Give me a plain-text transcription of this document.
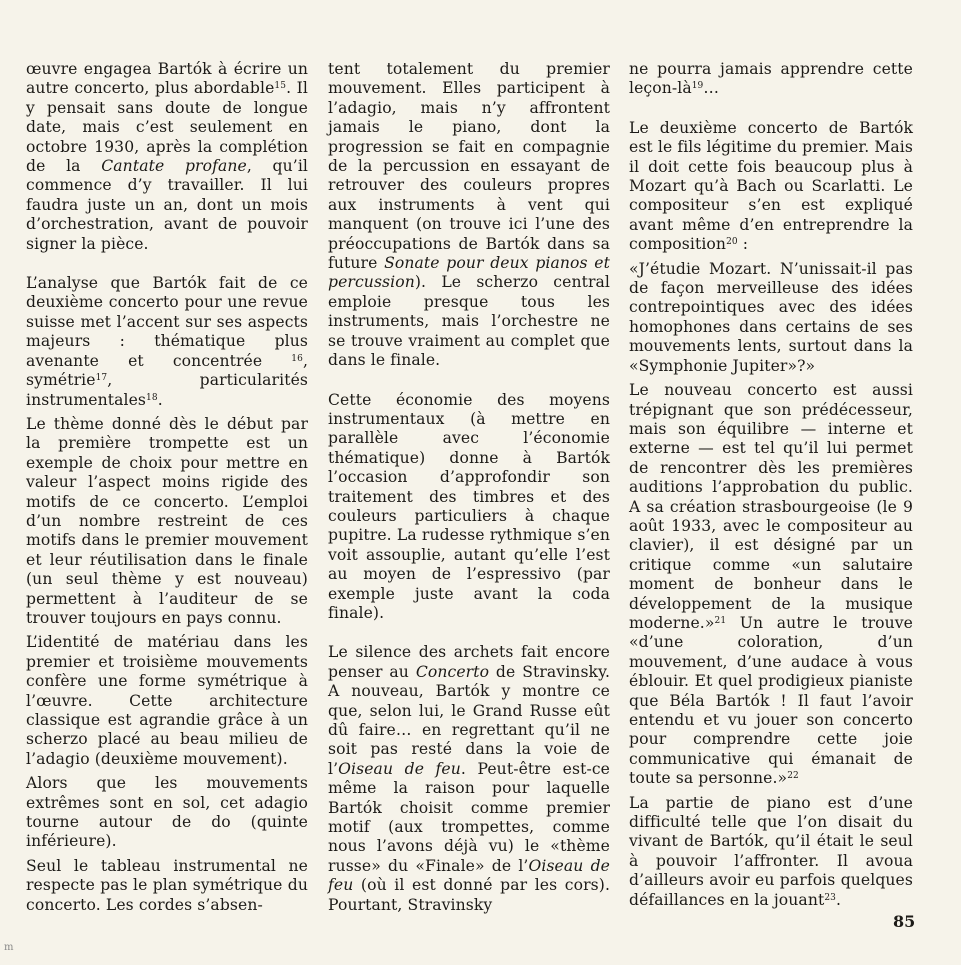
œuvre engagea Bartók à écrire un autre concerto, plus abordable$^{15}$. Il y pensait sans doute de longue date, mais c’est seulement en octobre 1930, après la complétion de la Cantate profane, qu’il commence d’y travailler. Il lui faudra juste un an, dont un mois d’orchestration, avant de pouvoir signer la pièce.

L’analyse que Bartók fait de ce deuxième concerto pour une revue suisse met l’accent sur ses aspects majeurs : thématique plus avenante et concentrée $^{16}$, symétrie$^{17}$, particularités instrumentales$^{18}$.

Le thème donné dès le début par la première trompette est un exemple de choix pour mettre en valeur l’aspect moins rigide des motifs de ce concerto. L’emploi d’un nombre restreint de ces motifs dans le premier mouvement et leur réutilisation dans le finale (un seul thème y est nouveau) permettent à l’auditeur de se trouver toujours en pays connu.

L’identité de matériau dans les premier et troisième mouvements confère une forme symétrique à l’œuvre. Cette architecture classique est agrandie grâce à un scherzo placé au beau milieu de l’adagio (deuxième mouvement).

Alors que les mouvements extrêmes sont en sol, cet adagio tourne autour de do (quinte inférieure).

Seul le tableau instrumental ne respecte pas le plan symétrique du concerto. Les cordes s’absen-

tent totalement du premier mouvement. Elles participent à l’adagio, mais n’y affrontent jamais le piano, dont la progression se fait en compagnie de la percussion en essayant de retrouver des couleurs propres aux instruments à vent qui manquent (on trouve ici l’une des préoccupations de Bartók dans sa future Sonate pour deux pianos et percussion). Le scherzo central emploie presque tous les instruments, mais l’orchestre ne se trouve vraiment au complet que dans le finale.

Cette économie des moyens instrumentaux (à mettre en parallèle avec l’économie thématique) donne à Bartók l’occasion d’approfondir son traitement des timbres et des couleurs particuliers à chaque pupitre. La rudesse rythmique s’en voit assouplie, autant qu’elle l’est au moyen de l’espressivo (par exemple juste avant la coda finale).

Le silence des archets fait encore penser au Concerto de Stravinsky. A nouveau, Bartók y montre ce que, selon lui, le Grand Russe eût dû faire… en regrettant qu’il ne soit pas resté dans la voie de l’Oiseau de feu. Peut-être est-ce même la raison pour laquelle Bartók choisit comme premier motif (aux trompettes, comme nous l’avons déjà vu) le «thème russe» du «Finale» de l’Oiseau de feu (où il est donné par les cors). Pourtant, Stravinsky

ne pourra jamais apprendre cette leçon-$là^{19}\dots$

Le deuxième concerto de Bartók est le fils légitime du premier. Mais il doit cette fois beaucoup plus à Mozart qu’à Bach ou Scarlatti. Le compositeur s’en est expliqué avant même d’en entreprendre la composition$^{20}$ :

«J’étudie Mozart. N’unissait-il pas de façon merveilleuse des idées contrepointiques avec des idées homophones dans certains de ses mouvements lents, surtout dans la «Symphonie Jupiter»?»

Le nouveau concerto est aussi trépignant que son prédécesseur, mais son équilibre — interne et externe — est tel qu’il lui permet de rencontrer dès les premières auditions l’approbation du public. A sa création strasbourgeoise (le 9 août 1933, avec le compositeur au clavier), il est désigné par un critique comme «un salutaire moment de bonheur dans le développement de la musique moderne.»$^{21}$ Un autre le trouve «d’une coloration, d’un mouvement, d’une audace à vous éblouir. Et quel prodigieux pianiste que Béla Bartók ! Il faut l’avoir entendu et vu jouer son concerto pour comprendre cette joie communicative qui émanait de toute sa personne.»$^{22}$

La partie de piano est d’une difficulté telle que l’on disait du vivant de Bartók, qu’il était le seul à pouvoir l’affronter. Il avoua d’ailleurs avoir eu parfois quelques défaillances en la jouant$^{23}$.

85
m
